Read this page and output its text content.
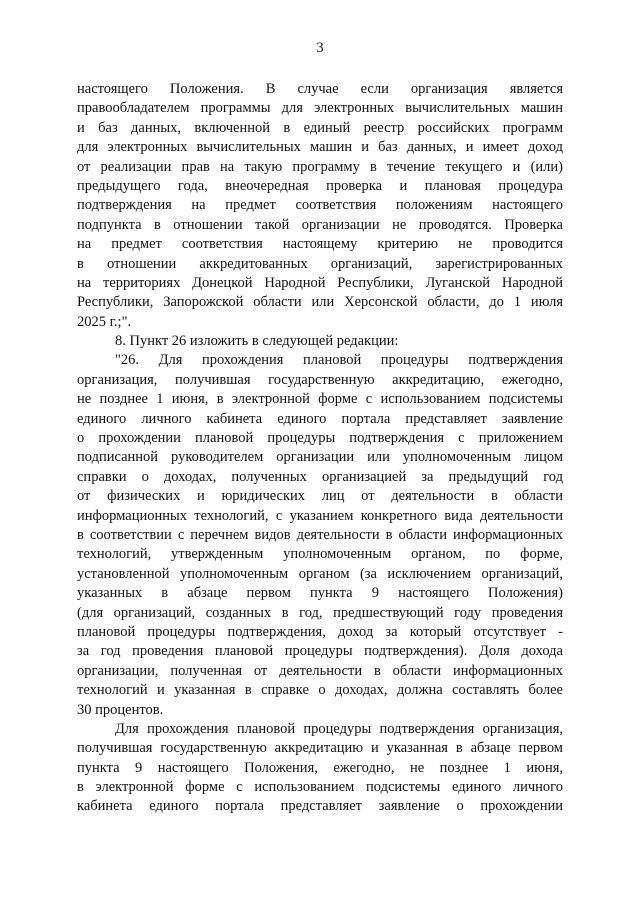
3
настоящего Положения. В случае если организация является
правообладателем программы для электронных вычислительных машин
и баз данных, включенной в единый реестр российских программ
для электронных вычислительных машин и баз данных, и имеет доход
от реализации прав на такую программу в течение текущего и (или)
предыдущего года, внеочередная проверка и плановая процедура
подтверждения на предмет соответствия положениям настоящего
подпункта в отношении такой организации не проводятся. Проверка
на предмет соответствия настоящему критерию не проводится
в отношении аккредитованных организаций, зарегистрированных
на территориях Донецкой Народной Республики, Луганской Народной
Республики, Запорожской области или Херсонской области, до 1 июля
2025 г.;".
8. Пункт 26 изложить в следующей редакции:
"26. Для прохождения плановой процедуры подтверждения
организация, получившая государственную аккредитацию, ежегодно,
не позднее 1 июня, в электронной форме с использованием подсистемы
единого личного кабинета единого портала представляет заявление
о прохождении плановой процедуры подтверждения с приложением
подписанной руководителем организации или уполномоченным лицом
справки о доходах, полученных организацией за предыдущий год
от физических и юридических лиц от деятельности в области
информационных технологий, с указанием конкретного вида деятельности
в соответствии с перечнем видов деятельности в области информационных
технологий, утвержденным уполномоченным органом, по форме,
установленной уполномоченным органом (за исключением организаций,
указанных в абзаце первом пункта 9 настоящего Положения)
(для организаций, созданных в год, предшествующий году проведения
плановой процедуры подтверждения, доход за который отсутствует -
за год проведения плановой процедуры подтверждения). Доля дохода
организации, полученная от деятельности в области информационных
технологий и указанная в справке о доходах, должна составлять более
30 процентов.
Для прохождения плановой процедуры подтверждения организация,
получившая государственную аккредитацию и указанная в абзаце первом
пункта 9 настоящего Положения, ежегодно, не позднее 1 июня,
в электронной форме с использованием подсистемы единого личного
кабинета единого портала представляет заявление о прохождении
